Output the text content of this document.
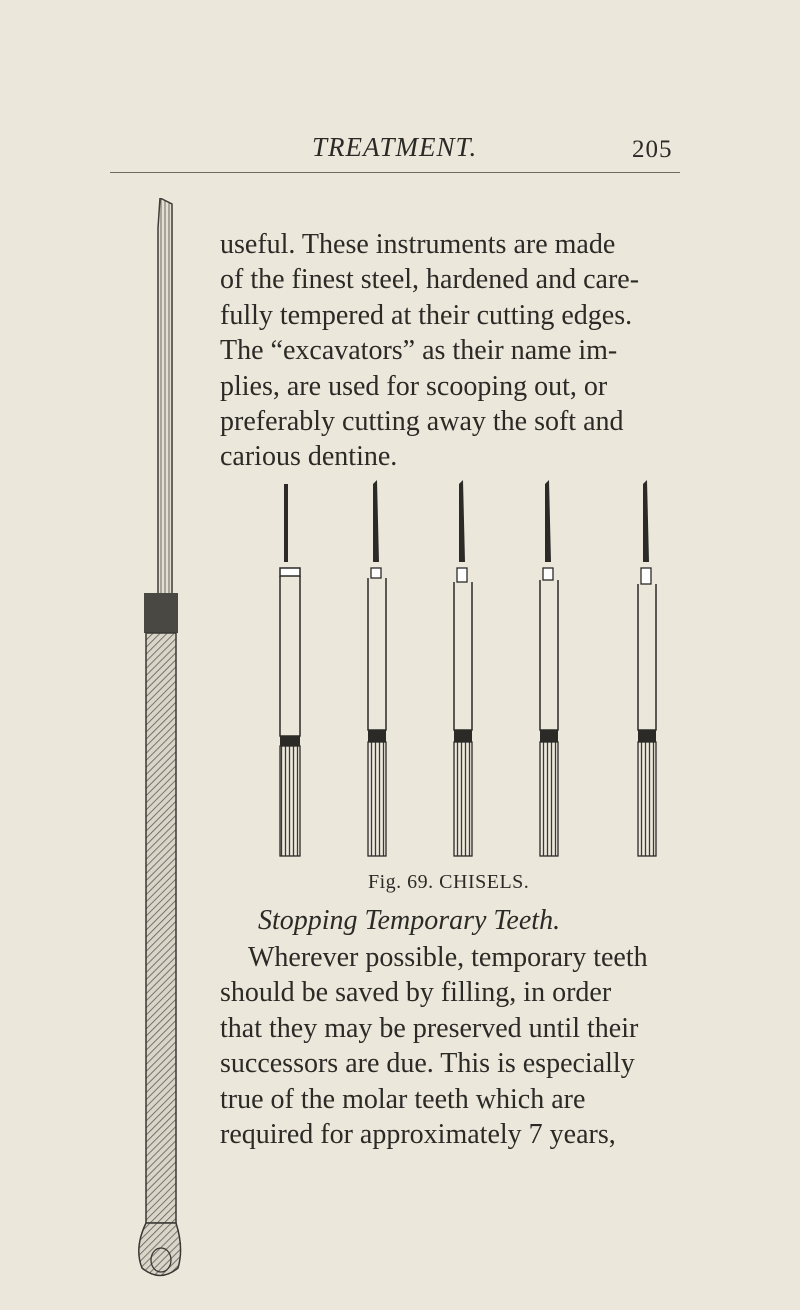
TREATMENT.	205
useful. These instruments are made
of the finest steel, hardened and care-
fully tempered at their cutting edges.
The “excavators” as their name im-
plies, are used for scooping out, or
preferably cutting away the soft and
carious dentine.
Fig. 69. CHISELS.
Stopping Temporary Teeth.
Wherever possible, temporary teeth
should be saved by filling, in order
that they may be preserved until their
successors are due. This is especially
true of the molar teeth which are
required for approximately 7 years,
